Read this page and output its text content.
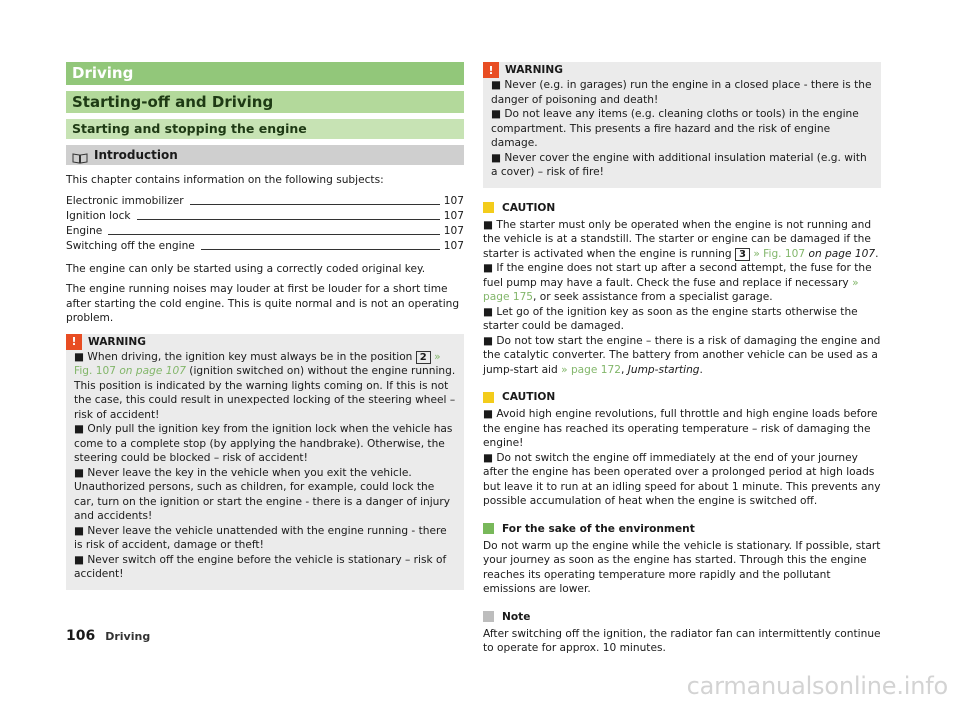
Driving
Starting-off and Driving
Starting and stopping the engine
Introduction

This chapter contains information on the following subjects:

Electronic immobilizer	107
Ignition lock	107
Engine	107
Switching off the engine	107

The engine can only be started using a correctly coded original key.

The engine running noises may louder at first be louder for a short time after starting the cold engine. This is quite normal and is not an operating problem.

!	WARNING

■ When driving, the ignition key must always be in the position 2 » Fig. 107 on page 107 (ignition switched on) without the engine running. This position is indicated by the warning lights coming on. If this is not the case, this could result in unexpected locking of the steering wheel – risk of accident!

■ Only pull the ignition key from the ignition lock when the vehicle has come to a complete stop (by applying the handbrake). Otherwise, the steering could be blocked – risk of accident!

■ Never leave the key in the vehicle when you exit the vehicle. Unauthorized persons, such as children, for example, could lock the car, turn on the ignition or start the engine - there is a danger of injury and accidents!

■ Never leave the vehicle unattended with the engine running - there is risk of accident, damage or theft!

■ Never switch off the engine before the vehicle is stationary – risk of accident!

!	WARNING

■ Never (e.g. in garages) run the engine in a closed place - there is the danger of poisoning and death!

■ Do not leave any items (e.g. cleaning cloths or tools) in the engine compartment. This presents a fire hazard and the risk of engine damage.

■ Never cover the engine with additional insulation material (e.g. with a cover) – risk of fire!

CAUTION

■ The starter must only be operated when the engine is not running and the vehicle is at a standstill. The starter or engine can be damaged if the starter is activated when the engine is running 3 » Fig. 107 on page 107.

■ If the engine does not start up after a second attempt, the fuse for the fuel pump may have a fault. Check the fuse and replace if necessary » page 175, or seek assistance from a specialist garage.

■ Let go of the ignition key as soon as the engine starts otherwise the starter could be damaged.

■ Do not tow start the engine – there is a risk of damaging the engine and the catalytic converter. The battery from another vehicle can be used as a jump-start aid » page 172, Jump-starting.

CAUTION

■ Avoid high engine revolutions, full throttle and high engine loads before the engine has reached its operating temperature – risk of damaging the engine!

■ Do not switch the engine off immediately at the end of your journey after the engine has been operated over a prolonged period at high loads but leave it to run at an idling speed for about 1 minute. This prevents any possible accumulation of heat when the engine is switched off.

For the sake of the environment

Do not warm up the engine while the vehicle is stationary. If possible, start your journey as soon as the engine has started. Through this the engine reaches its operating temperature more rapidly and the pollutant emissions are lower.

Note

After switching off the ignition, the radiator fan can intermittently continue to operate for approx. 10 minutes.

106 Driving
carmanualsonline.info
